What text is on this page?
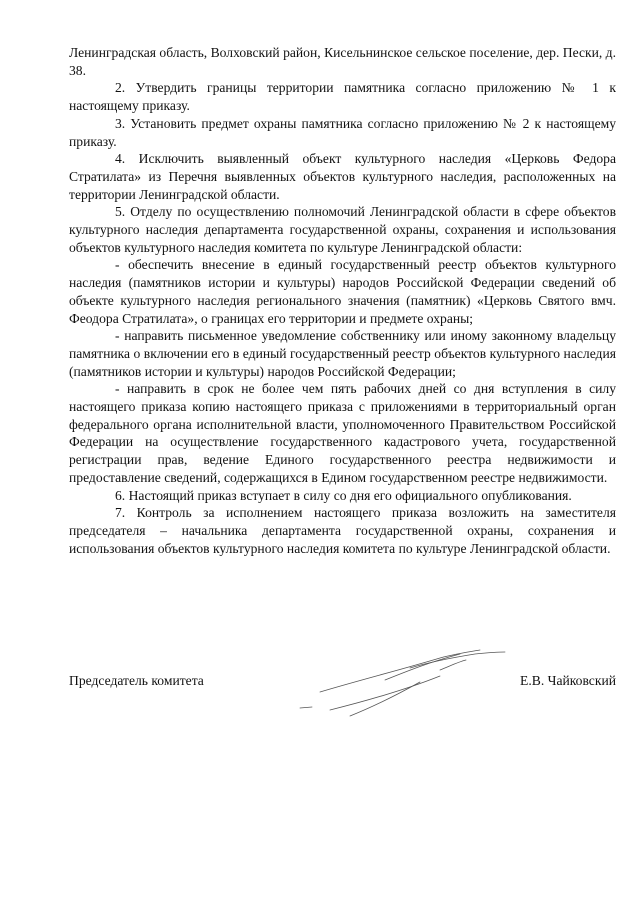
Ленинградская область, Волховский район, Кисельнинское сельское поселение, дер. Пески, д. 38.

2. Утвердить границы территории памятника согласно приложению № 1 к настоящему приказу.

3. Установить предмет охраны памятника согласно приложению № 2 к настоящему приказу.

4. Исключить выявленный объект культурного наследия «Церковь Федора Стратилата» из Перечня выявленных объектов культурного наследия, расположенных на территории Ленинградской области.

5. Отделу по осуществлению полномочий Ленинградской области в сфере объектов культурного наследия департамента государственной охраны, сохранения и использования объектов культурного наследия комитета по культуре Ленинградской области:

- обеспечить внесение в единый государственный реестр объектов культурного наследия (памятников истории и культуры) народов Российской Федерации сведений об объекте культурного наследия регионального значения (памятник) «Церковь Святого вмч. Феодора Стратилата», о границах его территории и предмете охраны;

- направить письменное уведомление собственнику или иному законному владельцу памятника о включении его в единый государственный реестр объектов культурного наследия (памятников истории и культуры) народов Российской Федерации;

- направить в срок не более чем пять рабочих дней со дня вступления в силу настоящего приказа копию настоящего приказа с приложениями в территориальный орган федерального органа исполнительной власти, уполномоченного Правительством Российской Федерации на осуществление государственного кадастрового учета, государственной регистрации прав, ведение Единого государственного реестра недвижимости и предоставление сведений, содержащихся в Едином государственном реестре недвижимости.

6. Настоящий приказ вступает в силу со дня его официального опубликования.

7. Контроль за исполнением настоящего приказа возложить на заместителя председателя – начальника департамента государственной охраны, сохранения и использования объектов культурного наследия комитета по культуре Ленинградской области.

Председатель комитета	Е.В. Чайковский
